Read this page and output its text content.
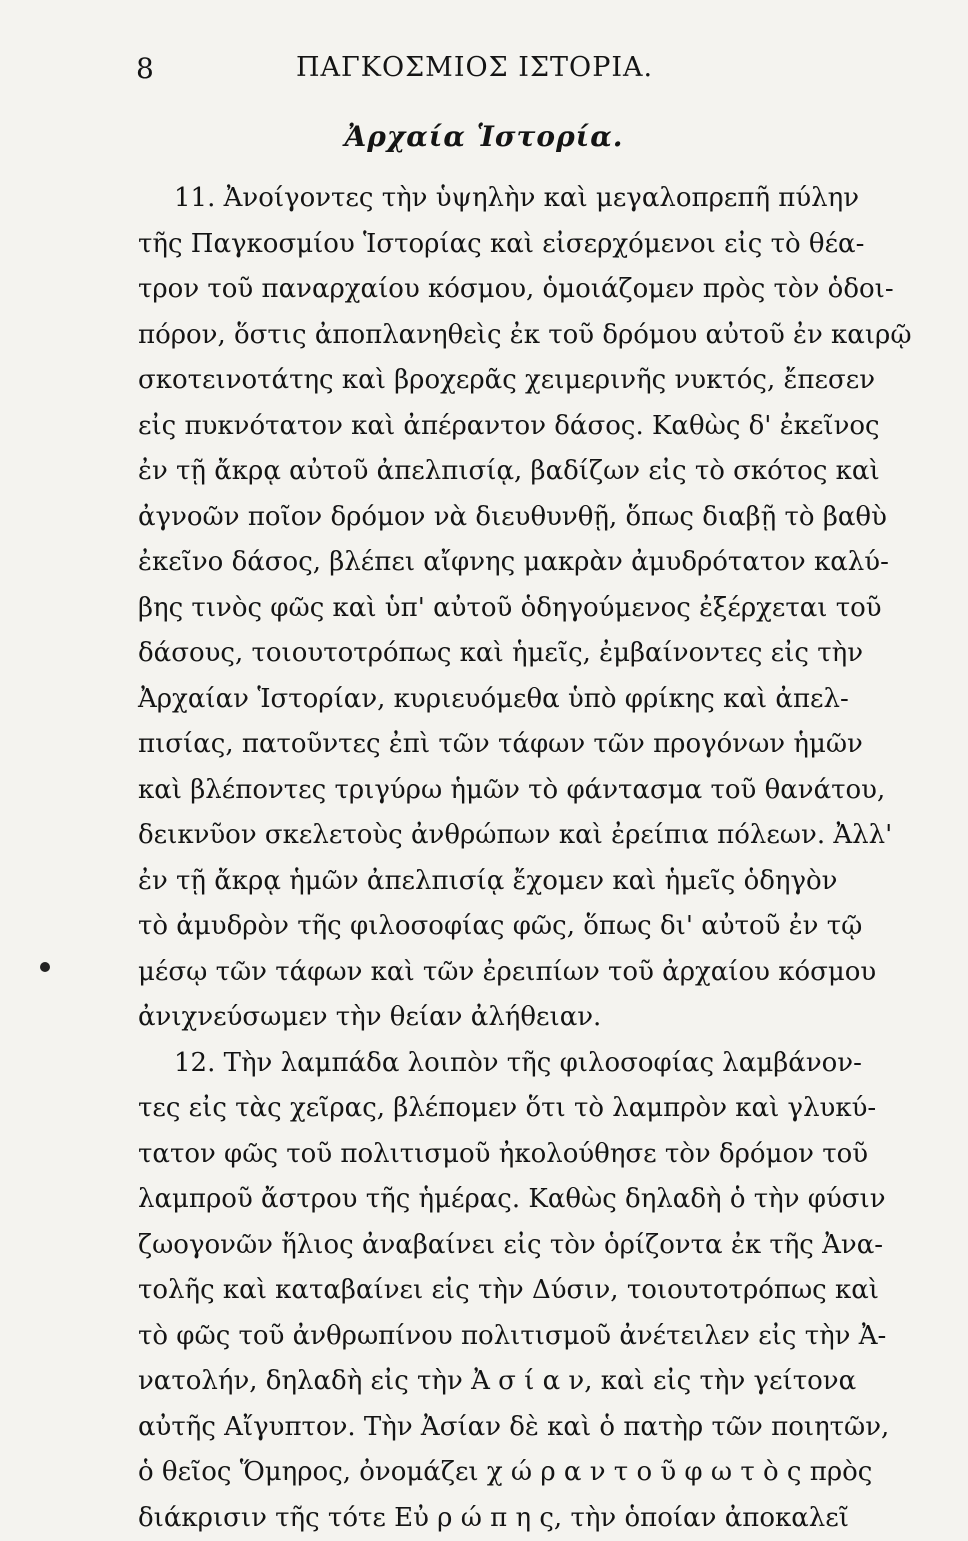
8	ΠΑΓΚΟΣΜΙΟΣ ΙΣΤΟΡΙΑ.
Ἀρχαία Ἱστορία.
11. Ἀνοίγοντες τὴν ὑψηλὴν καὶ μεγαλοπρεπῆ πύλην
τῆς Παγκοσμίου Ἱστορίας καὶ εἰσερχόμενοι εἰς τὸ θέα-
τρον τοῦ παναρχαίου κόσμου, ὁμοιάζομεν πρὸς τὸν ὁδοι-
πόρον, ὅστις ἀποπλανηθεὶς ἐκ τοῦ δρόμου αὐτοῦ ἐν καιρῷ
σκοτεινοτάτης καὶ βροχερᾶς χειμερινῆς νυκτός, ἔπεσεν
εἰς πυκνότατον καὶ ἀπέραντον δάσος. Καθὼς δ' ἐκεῖνος
ἐν τῇ ἄκρᾳ αὐτοῦ ἀπελπισίᾳ, βαδίζων εἰς τὸ σκότος καὶ
ἀγνοῶν ποῖον δρόμον νὰ διευθυνθῇ, ὅπως διαβῇ τὸ βαθὺ
ἐκεῖνο δάσος, βλέπει αἴφνης μακρὰν ἀμυδρότατον καλύ-
βης τινὸς φῶς καὶ ὑπ' αὐτοῦ ὁδηγούμενος ἐξέρχεται τοῦ
δάσους, τοιουτοτρόπως καὶ ἡμεῖς, ἐμβαίνοντες εἰς τὴν
Ἀρχαίαν Ἱστορίαν, κυριευόμεθα ὑπὸ φρίκης καὶ ἀπελ-
πισίας, πατοῦντες ἐπὶ τῶν τάφων τῶν προγόνων ἡμῶν
καὶ βλέποντες τριγύρω ἡμῶν τὸ φάντασμα τοῦ θανάτου,
δεικνῦον σκελετοὺς ἀνθρώπων καὶ ἐρείπια πόλεων. Ἀλλ'
ἐν τῇ ἄκρᾳ ἡμῶν ἀπελπισίᾳ ἔχομεν καὶ ἡμεῖς ὁδηγὸν
τὸ ἀμυδρὸν τῆς φιλοσοφίας φῶς, ὅπως δι' αὐτοῦ ἐν τῷ
μέσῳ τῶν τάφων καὶ τῶν ἐρειπίων τοῦ ἀρχαίου κόσμου
ἀνιχνεύσωμεν τὴν θείαν ἀλήθειαν.
12. Τὴν λαμπάδα λοιπὸν τῆς φιλοσοφίας λαμβάνον-
τες εἰς τὰς χεῖρας, βλέπομεν ὅτι τὸ λαμπρὸν καὶ γλυκύ-
τατον φῶς τοῦ πολιτισμοῦ ἠκολούθησε τὸν δρόμον τοῦ
λαμπροῦ ἄστρου τῆς ἡμέρας. Καθὼς δηλαδὴ ὁ τὴν φύσιν
ζωογονῶν ἥλιος ἀναβαίνει εἰς τὸν ὁρίζοντα ἐκ τῆς Ἀνα-
τολῆς καὶ καταβαίνει εἰς τὴν Δύσιν, τοιουτοτρόπως καὶ
τὸ φῶς τοῦ ἀνθρωπίνου πολιτισμοῦ ἀνέτειλεν εἰς τὴν Ἀ-
νατολήν, δηλαδὴ εἰς τὴν Ἀ σ ί α ν, καὶ εἰς τὴν γείτονα
αὐτῆς Αἴγυπτον. Τὴν Ἀσίαν δὲ καὶ ὁ πατὴρ τῶν ποιητῶν,
ὁ θεῖος Ὅμηρος, ὀνομάζει χ ώ ρ α ν τ ο ῦ φ ω τ ὸ ς πρὸς
διάκρισιν τῆς τότε Εὐ ρ ώ π η ς, τὴν ὁποίαν ἀποκαλεῖ
